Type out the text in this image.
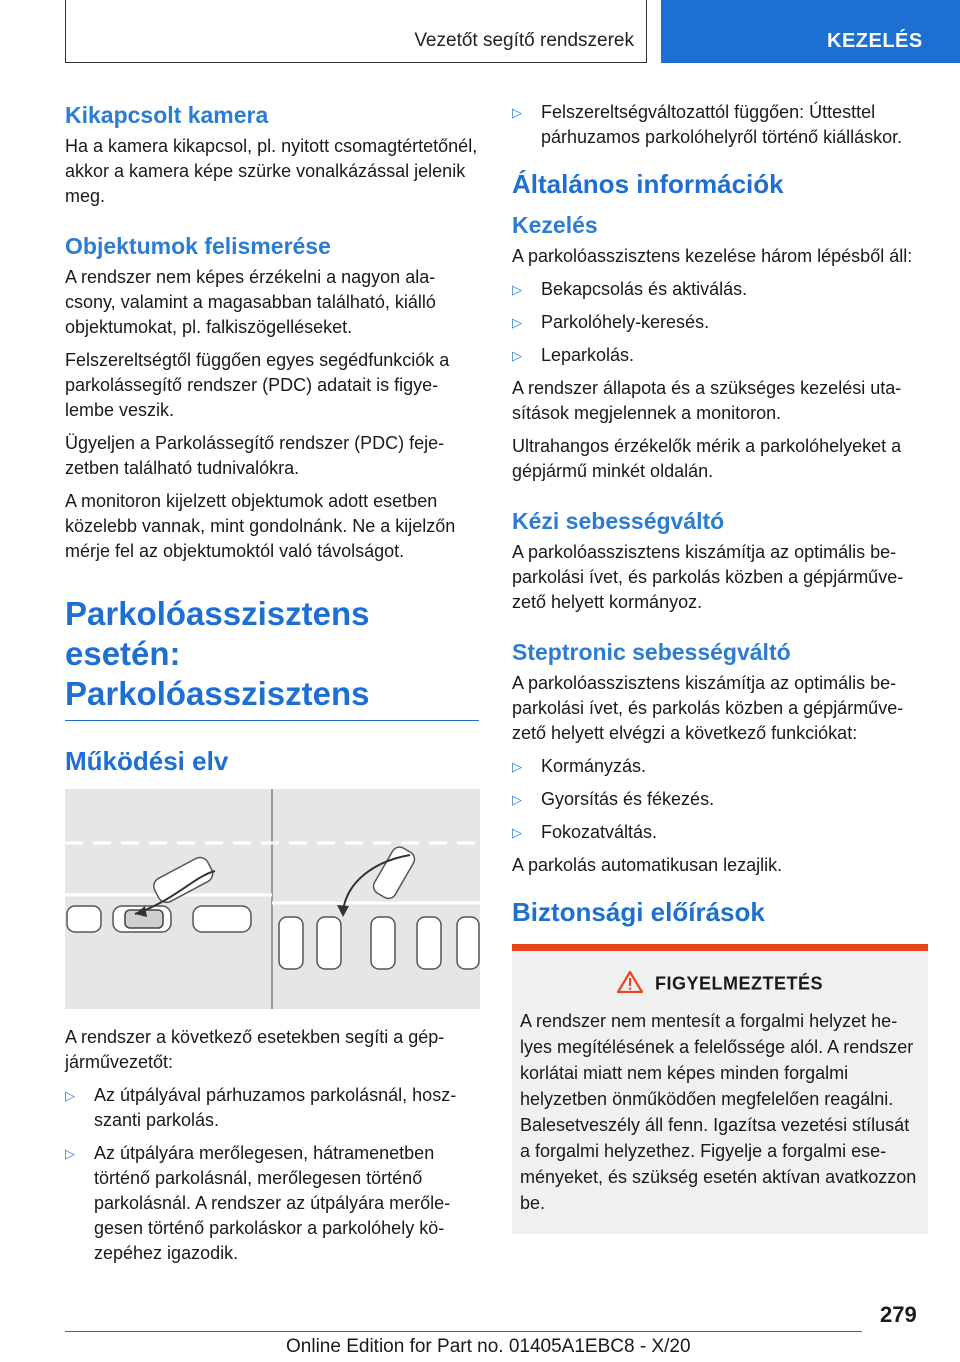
Vezetőt segítő rendszerek	KEZELÉS
Kikapcsolt kamera

Ha a kamera kikapcsol, pl. nyitott csomagtértetőnél, akkor a kamera képe szürke vonalkázással jelenik meg.

Objektumok felismerése

A rendszer nem képes érzékelni a nagyon alacsony, valamint a magasabban található, kiálló objektumokat, pl. falkiszögelléseket.

Felszereltségtől függően egyes segédfunkciók a parkolássegítő rendszer (PDC) adatait is figyelembe veszik.

Ügyeljen a Parkolássegítő rendszer (PDC) fejezetben található tudnivalókra.

A monitoron kijelzett objektumok adott esetben közelebb vannak, mint gondolnánk. Ne a kijelzőn mérje fel az objektumoktól való távolságot.

Parkolóasszisztens esetén:
Parkolóasszisztens
Működési elv

A rendszer a következő esetekben segíti a gépjárművezetőt:

▷ Az útpályával párhuzamos parkolásnál, hoszszanti parkolás.
▷ Az útpályára merőlegesen, hátramenetben történő parkolásnál, merőlegesen történő parkolásnál. A rendszer az útpályára merőlegesen történő parkoláskor a parkolóhely közepéhez igazodik.
▷ Felszereltségváltozattól függően: Úttesttel párhuzamos parkolóhelyről történő kiálláskor.
Általános információk
Kezelés

A parkolóasszisztens kezelése három lépésből áll:

▷ Bekapcsolás és aktiválás.
▷ Parkolóhely-keresés.
▷ Leparkolás.

A rendszer állapota és a szükséges kezelési utasítások megjelennek a monitoron.

Ultrahangos érzékelők mérik a parkolóhelyeket a gépjármű minkét oldalán.

Kézi sebességváltó

A parkolóasszisztens kiszámítja az optimális beparkolási ívet, és parkolás közben a gépjárművezető helyett kormányoz.

Steptronic sebességváltó

A parkolóasszisztens kiszámítja az optimális beparkolási ívet, és parkolás közben a gépjárművezető helyett elvégzi a következő funkciókat:

▷ Kormányzás.
▷ Gyorsítás és fékezés.
▷ Fokozatváltás.

A parkolás automatikusan lezajlik.

Biztonsági előírások
FIGYELMEZTETÉS

A rendszer nem mentesít a forgalmi helyzet helyes megítélésének a felelőssége alól. A rendszer korlátai miatt nem képes minden forgalmi helyzetben önműködően megfelelően reagálni. Balesetveszély áll fenn. Igazítsa vezetési stílusát a forgalmi helyzethez. Figyelje a forgalmi eseményeket, és szükség esetén aktívan avatkozzon be.

279
Online Edition for Part no. 01405A1EBC8 - X/20
